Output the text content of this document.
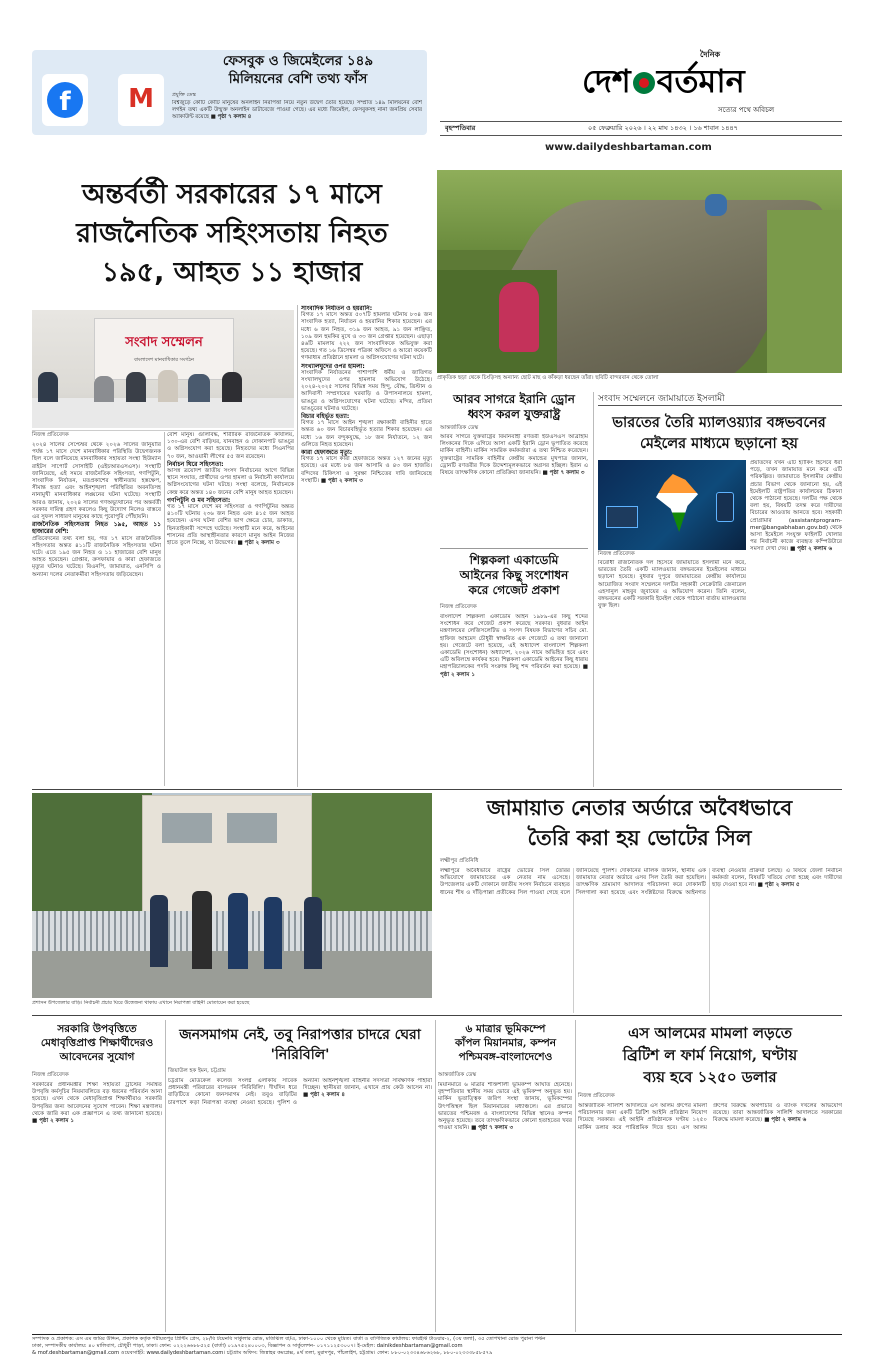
f	M
ফেসবুক ও জিমেইলের ১৪৯
মিলিয়নের বেশি তথ্য ফাঁস
প্রযুক্তি ডেস্ক
বিশ্বজুড়ে কোটি কোটি মানুষের অনলাইন নিরাপত্তা নিয়ে নতুন উদ্বেগ তৈরি হয়েছে। সম্প্রতি ১৪৯ মিলিয়নের বেশি লগইন তথ্য একটি উন্মুক্ত অনলাইন ডাটাবেজে পাওয়া গেছে। এর মধ্যে জিমেইল, ফেসবুকসহ নানা জনপ্রিয় সেবার অ্যাকাউন্ট রয়েছে ■ পৃষ্ঠা ৭ কলাম ৪
দৈনিক
দেশ বর্তমান
সত্যের পথে অবিচল
বৃহস্পতিবার	০৫ ফেব্রুয়ারি ২০২৬ । ২২ মাঘ ১৪৩২ । ১৬ শাবান ১৪৪৭
www.dailydeshbartaman.com
অন্তর্বর্তী সরকারের ১৭ মাসে
রাজনৈতিক সহিংসতায় নিহত
১৯৫, আহত ১১ হাজার
সংবাদ সম্মেলন
বাংলাদেশ মানবাধিকার সংগঠন
নিজস্ব প্রতিবেদক
২০২৪ সালের সেপ্টেম্বর থেকে ২০২৬ সালের জানুয়ারি পর্যন্ত ১৭ মাসে দেশে মানবাধিকার পরিস্থিতি উদ্বেগজনক ছিল বলে জানিয়েছে মানবাধিকার সহায়তা সংস্থা হিউম্যান রাইটস সাপোর্ট সোসাইটি (এইচআরএসএস)। সংস্থাটি জানিয়েছে, এই সময়ে রাজনৈতিক সহিংসতা, গণপিটুনি, সাংবাদিক নির্যাতন, মতপ্রকাশের স্বাধীনতায় হস্তক্ষেপ, সীমান্ত হত্যা এবং আইনশৃঙ্খলা পরিস্থিতির অবনতিসহ নানামুখী মানবাধিকার লঙ্ঘনের ঘটনা ঘটেছে। সংস্থাটি আরও জানায়, ২০২৪ সালের গণঅভ্যুত্থানের পর অন্তর্বর্তী সরকার দায়িত্ব গ্রহণ করলেও কিছু উদ্যোগ নিলেও বাস্তবে এর সুফল সাধারণ মানুষের কাছে পুরোপুরি পৌঁছায়নি।
রাজনৈতিক সহিংসতায় নিহত ১৯৫, আহত ১১ হাজারের বেশি:
প্রতিবেদনের তথ্য বলা হয়, গত ১৭ মাসে রাজনৈতিক সহিংসতার অন্তত ৪১১টি রাজনৈতিক সহিংসতার ঘটনা ঘটে। এতে ১৯৫ জন নিহত ও ১১ হাজারের বেশি মানুষ আহত হয়েছেন। গ্রেপ্তার, ক্রসফায়ার ও কারা হেফাজতে মৃত্যুর ঘটনাও ঘটেছে। বিএনপি, জামায়াত, এনসিপি ও অন্যান্য দলের নেতাকর্মীরা সহিংসতায় জড়িয়েছেন।
বেশি মানুষ। গুলিবিদ্ধ, শারীরিক রাজনৈতিক কার্যালয়, ১৩০-এর বেশি বাড়িঘর, যানবাহন ও দোকানপাট ভাঙচুর ও অগ্নিসংযোগ করা হয়েছে। নিহতদের মধ্যে সিএনপির ৭০ জন, আওয়ামী লীগের ৫৫ জন রয়েছেন।
নির্বাচন ঘিরে সহিংসতা:
আসন্ন ত্রয়োদশ জাতীয় সংসদ নির্বাচনের আগে বিভিন্ন স্থানে সংঘাত, প্রার্থীদের ওপর হামলা ও নির্বাচনী কার্যালয়ে অগ্নিসংযোগের ঘটনা ঘটছে। সংস্থা বলেছে, নির্বাচনকে কেন্দ্র করে অন্তত ১৪০ জনের বেশি মানুষ আহত হয়েছেন।
গণপিটুনি ও মব সহিংসতা:
গত ১৭ মাসে দেশে মব সহিংসতা ও গণপিটুনির অন্তত ৪১০টি ঘটনায় ২৩৬ জন নিহত এবং ৪১৫ জন আহত হয়েছেন। এসব ঘটনা বেশির ভাগ ক্ষেত্রে চোর, ডাকাত, ছিনতাইকারী সন্দেহে ঘটেছে। সংস্থাটি মনে করে, আইনের শাসনের প্রতি আস্থাহীনতার কারণে মানুষ আইন নিজের হাতে তুলে নিচ্ছে, যা উদ্বেগের। ■ পৃষ্ঠা ২ কলাম ৩
সাংবাদিক নির্যাতন ও হয়রানি:
বিগত ১৭ মাসে অন্তত ৫০৭টি হামলার ঘটনায় ৮৩৪ জন সাংবাদিক হত্যা, নির্যাতন ও হয়রানির শিকার হয়েছেন। এর মধ্যে ৬ জন নিহত, ৩১৯ জন আহত, ৯১ জন লাঞ্ছিত, ১০৯ জন হুমকির মুখে ও ৩৩ জন গ্রেপ্তার হয়েছেন। এছাড়া ৪৬টি মামলায় ২২২ জন সাংবাদিককে অভিযুক্ত করা হয়েছে। গত ১৬ ডিসেম্বর পত্রিকা অফিসে ও আরো কয়েকটি গণমাধ্যম প্রতিষ্ঠানে হামলা ও অগ্নিসংযোগের ঘটনা ঘটে।
সংখ্যালঘুদের ওপর হামলা:
সাংবাদিক নির্যাতনের পাশাপাশি ধর্মীয় ও জাতিগত সংখ্যালঘুদের ওপর হামলার অভিযোগ উঠেছে। ২০২৪-২০২৫ সালের বিভিন্ন সময় হিন্দু, বৌদ্ধ, খ্রিস্টান ও আদিবাসী সম্প্রদায়ের ঘরবাড়ি ও উপাসনালয়ে হামলা, ভাঙচুর ও অগ্নিসংযোগের ঘটনা ঘটেছে। মন্দির, প্রতিমা ভাঙচুরের ঘটনাও ঘটেছে।
বিচার বহির্ভূত হত্যা:
বিগত ১৭ মাসে আইন শৃঙ্খলা রক্ষাকারী বাহিনীর হাতে অন্তত ৬০ জন বিচারবহির্ভূত হত্যার শিকার হয়েছেন। এর মধ্যে ১৬ জন বন্দুকযুদ্ধে, ১৮ জন নির্যাতনে, ১২ জন গুলিতে নিহত হয়েছেন।
কারা হেফাজতে মৃত্যু:
বিগত ১৭ মাসে কারা হেফাজতে অন্তত ১২৭ জনের মৃত্যু হয়েছে। এর মধ্যে ৮৪ জন আসামি ও ৪৩ জন হাজতি। বন্দিদের চিকিৎসা ও সুরক্ষা নিশ্চিতের দাবি জানিয়েছে সংস্থাটি। ■ পৃষ্ঠা ২ কলাম ৩
প্রাকৃতিক ছড়া থেকে চিংড়িসহ অন্যান্য ছোট মাছ ও কাঁকড়া ধরছেন তাঁরা। ছবিটি বান্দরবান থেকে তোলা
আরব সাগরে ইরানি ড্রোন
ধ্বংস করল যুক্তরাষ্ট্র
আন্তর্জাতিক ডেস্ক
আরব সাগরে যুক্তরাষ্ট্রের বিমানবাহী রণতরী ইউএসএস আব্রাহাম লিংকনের দিকে এগিয়ে আসা একটি ইরানি ড্রোন ভূপাতিত করেছে মার্কিন বাহিনী। মার্কিন সামরিক কর্মকর্তারা এ তথ্য নিশ্চিত করেছেন। যুক্তরাষ্ট্রের সামরিক বাহিনীর কেন্দ্রীয় কমান্ডের মুখপাত্র জানান, ড্রোনটি রণতরীর দিকে উদ্দেশ্যমূলকভাবে অগ্রসর হচ্ছিল। ইরান এ বিষয়ে তাৎক্ষণিক কোনো প্রতিক্রিয়া জানায়নি। ■ পৃষ্ঠা ৭ কলাম ৩
শিল্পকলা একাডেমি
আইনের কিছু সংশোধন
করে গেজেট প্রকাশ
নিজস্ব প্রতিবেদক
বাংলাদেশ শিল্পকলা একাডেমি আইন ১৯৮৯-এর কিছু শব্দের সংশোধন করে গেজেট প্রকাশ করেছে সরকার। বুধবার আইন মন্ত্রণালয়ের লেজিসলেটিভ ও সংসদ বিষয়ক বিভাগের সচিব মো. হাফিজ আহমেদ চৌধুরী স্বাক্ষরিত এক গেজেটে এ তথ্য জানানো হয়। গেজেটে বলা হয়েছে, এই অধ্যাদেশ বাংলাদেশ শিল্পকলা একাডেমি (সংশোধন) অধ্যাদেশ, ২০২৬ নামে অভিহিত হবে এবং এটি অবিলম্বে কার্যকর হবে। শিল্পকলা একাডেমি আইনের কিছু ধারায় মহাপরিচালকের পদবি সংক্রান্ত কিছু শব্দ পরিবর্তন করা হয়েছে। ■ পৃষ্ঠা ২ কলাম ১
সংবাদ সম্মেলনে জামায়াতে ইসলামী
ভারতের তৈরি ম্যালওয়্যার বঙ্গভবনের
মেইলের মাধ্যমে ছড়ানো হয়
নিজস্ব প্রতিবেদক
বিরোধী রাজনৈতিক দল হিসেবে জামায়াতে ইসলামী মনে করে, ভারতের তৈরি একটি ম্যালওয়্যার বঙ্গভবনের ইমেইলের মাধ্যমে ছড়ানো হয়েছে। বুধবার দুপুরে জামায়াতের কেন্দ্রীয় কার্যালয়ে আয়োজিত সংবাদ সম্মেলনে দলটির সহকারী সেক্রেটারি জেনারেল এহসানুল মাহবুব জুবায়ের এ অভিযোগ করেন। তিনি বলেন, বঙ্গভবনের একটি সরকারি ইমেইল থেকে পাঠানো বার্তায় ম্যালওয়্যার যুক্ত ছিল।
প্রয়াতদের যখন এটি হ্যাকিং হিসেবে ধরা পড়ে, তখন জামায়াত মনে করে এটি পরিকল্পিত। জামায়াতে ইসলামীর কেন্দ্রীয় প্রচার বিভাগ থেকে জানানো হয়, এই ইমেইলটি রাষ্ট্রপতির কার্যালয়ের ঠিকানা থেকে পাঠানো হয়েছে। দলটির পক্ষ থেকে বলা হয়, বিষয়টি তদন্ত করে দায়ীদের বিচারের আওতায় আনতে হবে। সহকারী প্রোগ্রামার (assistantprogram-mer@bangabhaban.gov.bd) থেকে আসা ইমেইলে সংযুক্ত ফাইলটি খোলার পর নির্বাচনী কাজে ব্যবহৃত কম্পিউটারে সমস্যা দেখা দেয়। ■ পৃষ্ঠা ২ কলাম ৬
প্রশাসন উপজেলার বাড়ি। নির্বাচনী প্রচার ঘিরে উত্তেজনা থাকায় এখানে নিরাপত্তা বাহিনী মোতায়েন করা হয়েছে
জামায়াত নেতার অর্ডারে অবৈধভাবে
তৈরি করা হয় ভোটের সিল
লক্ষ্মীপুর প্রতিনিধি
লক্ষ্মীপুরে অবৈধভাবে রাষ্ট্রের ভোটের সিল তৈরির অভিযোগে জামায়াতের এক নেতার নাম এসেছে। উপজেলার একটি দোকানে জাতীয় সংসদ নির্বাচনে ব্যবহৃত ধানের শীষ ও দাঁড়িপাল্লা প্রতীকের সিল পাওয়া গেছে বলে জানিয়েছে পুলিশ। দোকানের মালিক জানান, স্থানীয় এক জামায়াত নেতার অর্ডারে এসব সিল তৈরি করা হয়েছিল। তাৎক্ষণিক ভ্রাম্যমাণ আদালত পরিচালনা করে দোকানটি সিলগালা করা হয়েছে এবং সংশ্লিষ্টদের বিরুদ্ধে আইনগত ব্যবস্থা নেওয়ার প্রক্রিয়া চলছে। এ বিষয়ে জেলা নির্বাচন কর্মকর্তা বলেন, বিষয়টি খতিয়ে দেখা হচ্ছে এবং দায়ীদের ছাড় দেওয়া হবে না। ■ পৃষ্ঠা ২ কলাম ৫
সরকারি উপবৃত্তিতে
মেধাবৃত্তিপ্রাপ্ত শিক্ষার্থীদেরও
আবেদনের সুযোগ
নিজস্ব প্রতিবেদক
সরকারের প্রধানমন্ত্রীর শিক্ষা সহায়তা ট্রাস্টের সমন্বিত উপবৃত্তি কর্মসূচির নিয়মাবলিতে বড় ধরনের পরিবর্তন আনা হয়েছে। এখন থেকে মেধাবৃত্তিপ্রাপ্ত শিক্ষার্থীরাও সরকারি উপবৃত্তির জন্য আবেদনের সুযোগ পাবেন। শিক্ষা মন্ত্রণালয় থেকে জারি করা এক প্রজ্ঞাপনে এ তথ্য জানানো হয়েছে। ■ পৃষ্ঠা ২ কলাম ১
জনসমাগম নেই, তবু নিরাপত্তার চাদরে ঘেরা 'নিরিবিলি'
জিয়াউল হক ইমন, চট্টগ্রাম
চট্টগ্রাম মেডিকেল কলেজ সংলগ্ন এলাকায় সাবেক প্রধানমন্ত্রী পরিবারের বাসভবন 'নিরিবিলি'। দীর্ঘদিন ধরে বাড়িটিতে কোনো জনসমাগম নেই। তবুও বাড়িটির চারপাশে কড়া নিরাপত্তা ব্যবস্থা নেওয়া হয়েছে। পুলিশ ও অন্যান্য আইনশৃঙ্খলা বাহিনীর সদস্যরা সার্বক্ষণিক পাহারা দিচ্ছেন। স্থানীয়রা জানান, এখানে প্রায় কেউ আসেন না। ■ পৃষ্ঠা ২ কলাম ৪
৬ মাত্রার ভূমিকম্পে
কাঁপল মিয়ানমার, কম্পন
পশ্চিমবঙ্গ-বাংলাদেশেও
আন্তর্জাতিক ডেস্ক
মিয়ানমারে ৬ মাত্রার শক্তিশালী ভূমিকম্প আঘাত হেনেছে। বৃহস্পতিবার স্থানীয় সময় ভোরে এই ভূমিকম্প অনুভূত হয়। মার্কিন ভূতাত্ত্বিক জরিপ সংস্থা জানায়, ভূমিকম্পের উৎপত্তিস্থল ছিল মিয়ানমারের মধ্যাঞ্চলে। এর প্রভাবে ভারতের পশ্চিমবঙ্গ ও বাংলাদেশের বিভিন্ন স্থানেও কম্পন অনুভূত হয়েছে। তবে তাৎক্ষণিকভাবে কোনো হতাহতের খবর পাওয়া যায়নি। ■ পৃষ্ঠা ৭ কলাম ৩
এস আলমের মামলা লড়তে
ব্রিটিশ ল ফার্ম নিয়োগ, ঘণ্টায়
ব্যয় হবে ১২৫০ ডলার
নিজস্ব প্রতিবেদক
আন্তর্জাতিক সালিশি আদালতে এস আলম গ্রুপের মামলা পরিচালনার জন্য একটি ব্রিটিশ আইনি প্রতিষ্ঠান নিয়োগ দিয়েছে সরকার। এই আইনি প্রতিষ্ঠানকে ঘণ্টায় ১২৫০ মার্কিন ডলার করে পারিশ্রমিক দিতে হবে। এস আলম গ্রুপের বিরুদ্ধে অর্থপাচার ও ব্যাংক দখলের অভিযোগ রয়েছে। তারা আন্তর্জাতিক সালিশি আদালতে সরকারের বিরুদ্ধে মামলা করেছে। ■ পৃষ্ঠা ২ কলাম ৬
সম্পাদক ও প্রকাশক: এস এম জমির উদ্দিন, প্রকাশক কর্তৃক শরীয়তপুর প্রিন্টিং প্রেস, ২৮/বি টয়েনবি সার্কুলার রোড, মতিঝিল বা/এ, ঢাকা-১০০০ থেকে মুদ্রিত। বার্তা ও বাণিজ্যিক কার্যালয়: ফারইস্ট টাওয়ার-২, (৩য় তলা), ৩৫ তোপখানা রোড পুরানা পল্টন
ঢাকা, সম্পাদকীয় কার্যালয়: ৪০ মালিবাগ, চৌধুরী পাড়া, ঢাকা। ফোন: ০২২২৬৬৮৮৫২৫ (বার্তা) ০১৯৭৫২৪০০০৩, বিজ্ঞাপন ও সার্কুলেশন- ০১৭১১২৫৩০০৭। ই-মেইল: dainikdeshbartaman@gmail.com
& mof.deshbartaman@gmail.com ওয়েবসাইট: www.dailydeshbartaman.com। চট্টগ্রাম অফিস: জিন্নাহর কমপ্লেক্স, ৪র্থ তলা, মুরাদপুর, পাঁচলাইশ, চট্টগ্রাম। ফোন: ৮৮০-০২৩৩৪৬৮৬২৬৮, ৮৮০-০২৩৩৩৮৫৮৫৭৯
